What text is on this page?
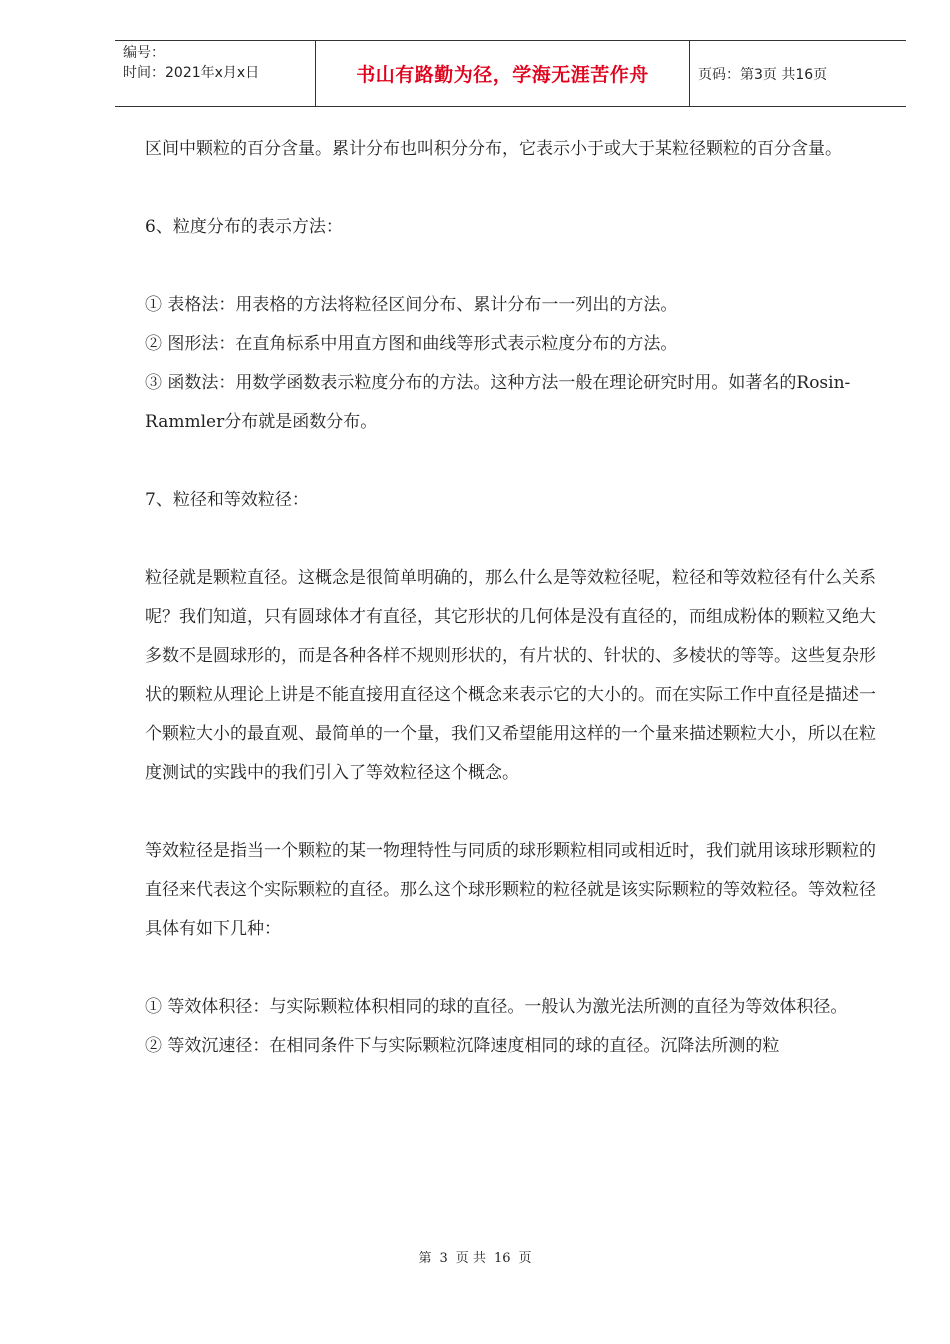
编号：
时间：2021年x月x日	书山有路勤为径，学海无涯苦作舟	页码：第3页 共16页

区间中颗粒的百分含量。累计分布也叫积分分布，它表示小于或大于某粒径颗粒的百分含量。

6、粒度分布的表示方法：

① 表格法：用表格的方法将粒径区间分布、累计分布一一列出的方法。

② 图形法：在直角标系中用直方图和曲线等形式表示粒度分布的方法。

③ 函数法：用数学函数表示粒度分布的方法。这种方法一般在理论研究时用。如著名的Rosin-Rammler分布就是函数分布。

7、粒径和等效粒径：

粒径就是颗粒直径。这概念是很简单明确的，那么什么是等效粒径呢，粒径和等效粒径有什么关系呢？我们知道，只有圆球体才有直径，其它形状的几何体是没有直径的，而组成粉体的颗粒又绝大多数不是圆球形的，而是各种各样不规则形状的，有片状的、针状的、多棱状的等等。这些复杂形状的颗粒从理论上讲是不能直接用直径这个概念来表示它的大小的。而在实际工作中直径是描述一个颗粒大小的最直观、最简单的一个量，我们又希望能用这样的一个量来描述颗粒大小，所以在粒度测试的实践中的我们引入了等效粒径这个概念。

等效粒径是指当一个颗粒的某一物理特性与同质的球形颗粒相同或相近时，我们就用该球形颗粒的直径来代表这个实际颗粒的直径。那么这个球形颗粒的粒径就是该实际颗粒的等效粒径。等效粒径具体有如下几种：

① 等效体积径：与实际颗粒体积相同的球的直径。一般认为激光法所测的直径为等效体积径。

② 等效沉速径：在相同条件下与实际颗粒沉降速度相同的球的直径。沉降法所测的粒

第 3 页 共 16 页
